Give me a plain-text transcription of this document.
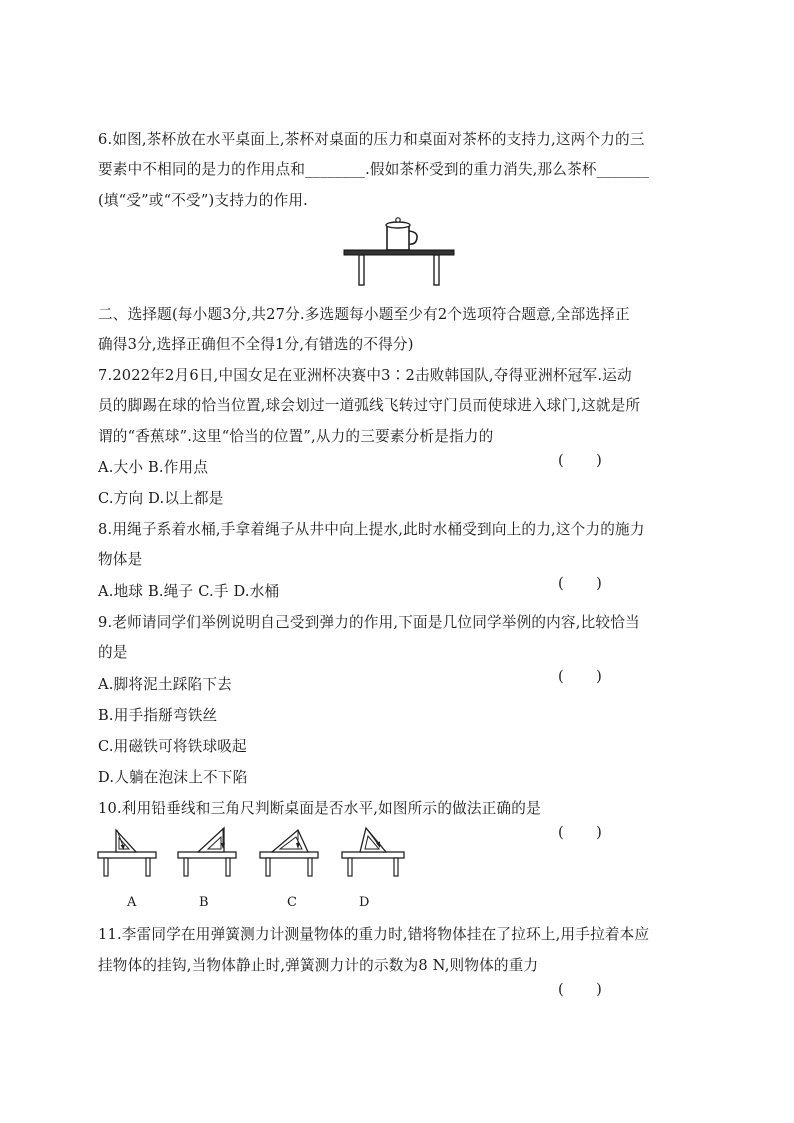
6.如图,茶杯放在水平桌面上,茶杯对桌面的压力和桌面对茶杯的支持力,这两个力的三
要素中不相同的是力的作用点和________.假如茶杯受到的重力消失,那么茶杯_______
(填“受”或“不受”)支持力的作用.
二、选择题(每小题3分,共27分.多选题每小题至少有2个选项符合题意,全部选择正
确得3分,选择正确但不全得1分,有错选的不得分)
7.2022年2月6日,中国女足在亚洲杯决赛中3∶2击败韩国队,夺得亚洲杯冠军.运动
员的脚踢在球的恰当位置,球会划过一道弧线飞转过守门员而使球进入球门,这就是所
谓的“香蕉球”.这里“恰当的位置”,从力的三要素分析是指力的
( )
A.大小 B.作用点
C.方向 D.以上都是
8.用绳子系着水桶,手拿着绳子从井中向上提水,此时水桶受到向上的力,这个力的施力
物体是
( )
A.地球 B.绳子 C.手 D.水桶
9.老师请同学们举例说明自己受到弹力的作用,下面是几位同学举例的内容,比较恰当
的是
( )
A.脚将泥土踩陷下去
B.用手指掰弯铁丝
C.用磁铁可将铁球吸起
D.人躺在泡沫上不下陷
10.利用铅垂线和三角尺判断桌面是否水平,如图所示的做法正确的是
( )
A	B	C	D
11.李雷同学在用弹簧测力计测量物体的重力时,错将物体挂在了拉环上,用手拉着本应
挂物体的挂钩,当物体静止时,弹簧测力计的示数为8 N,则物体的重力
( )
